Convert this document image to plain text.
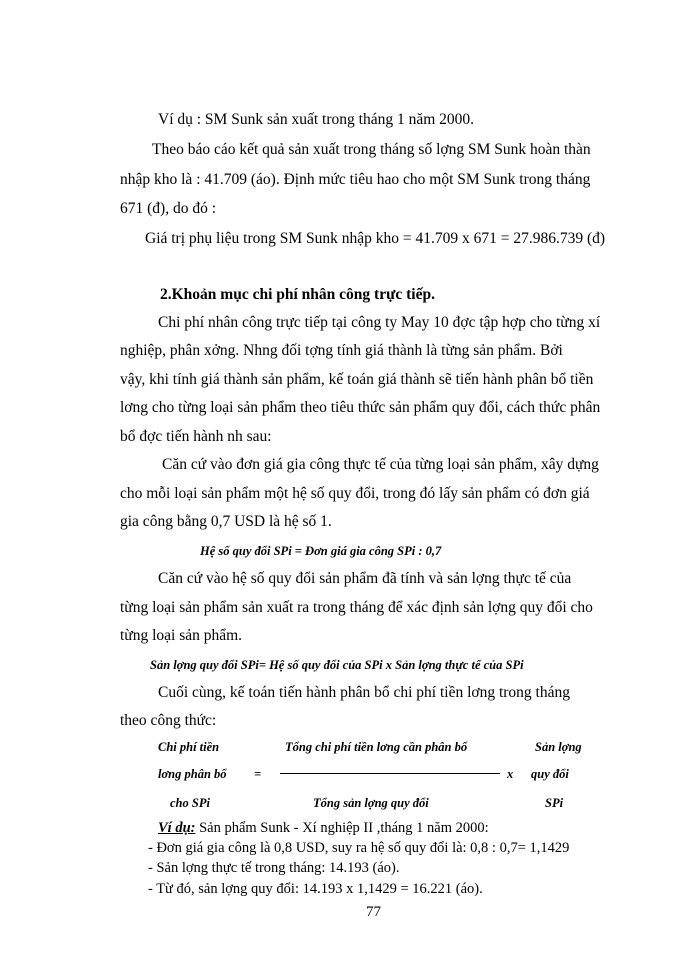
Ví dụ : SM Sunk sản xuất trong tháng 1 năm 2000.
Theo báo cáo kết quả sản xuất trong tháng số lợng SM Sunk hoàn thàn
nhập kho là : 41.709 (áo). Định mức tiêu hao cho một SM Sunk trong tháng
671 (đ), do đó :
Giá trị phụ liệu trong SM Sunk nhập kho = 41.709 x 671 = 27.986.739 (đ)
2.Khoản mục chi phí nhân công trực tiếp.
Chi phí nhân công trực tiếp tại công ty May 10 đợc tập hợp cho từng xí
nghiệp, phân xởng. Nhng đối tợng tính giá thành là từng sản phẩm. Bởi
vậy, khi tính giá thành sản phẩm, kế toán giá thành sẽ tiến hành phân bổ tiền
lơng cho từng loại sản phẩm theo tiêu thức sản phẩm quy đổi, cách thức phân
bổ đợc tiến hành nh sau:
Căn cứ vào đơn giá gia công thực tế của từng loại sản phẩm, xây dựng
cho mỗi loại sản phẩm một hệ số quy đổi, trong đó lấy sản phẩm có đơn giá
gia công bằng 0,7 USD là hệ số 1.
Hệ số quy đổi SPi = Đơn giá gia công SPi : 0,7
Căn cứ vào hệ số quy đổi sản phẩm đã tính và sản lợng thực tế của
từng loại sản phẩm sản xuất ra trong tháng để xác định sản lợng quy đổi cho
từng loại sản phẩm.
Sản lợng quy đổi SPi= Hệ số quy đổi của SPi x Sản lợng thực tế của SPi
Cuối cùng, kế toán tiến hành phân bổ chi phí tiền lơng trong tháng
theo công thức:
Chi phí tiền
lơng phân bổ
cho SPi
=
Tổng chi phí tiền lơng cần phân bổ
Tổng sản lợng quy đổi
x
Sản lợng
quy đổi
SPi
Ví dụ: Sản phẩm Sunk - Xí nghiệp II ,tháng 1 năm 2000:
- Đơn giá gia công là 0,8 USD, suy ra hệ số quy đổi là: 0,8 : 0,7= 1,1429
- Sản lợng thực tế trong tháng: 14.193 (áo).
- Từ đó, sản lợng quy đổi: 14.193 x 1,1429 = 16.221 (áo).
77
